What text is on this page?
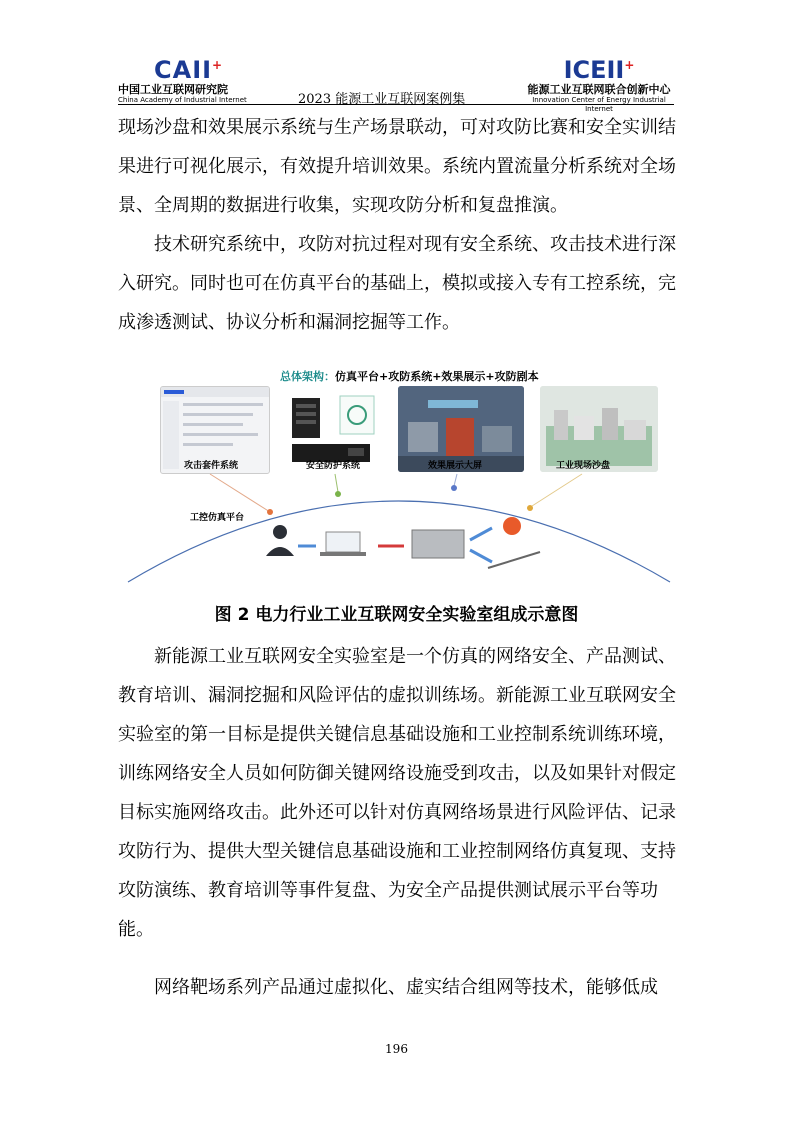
CAII+
中国工业互联网研究院
China Academy of Industrial Internet	2023 能源工业互联网案例集
ICEII+
能源工业互联网联合创新中心
Innovation Center of Energy Industrial Internet

现场沙盘和效果展示系统与生产场景联动，可对攻防比赛和安全实训结果进行可视化展示，有效提升培训效果。系统内置流量分析系统对全场景、全周期的数据进行收集，实现攻防分析和复盘推演。

　　技术研究系统中，攻防对抗过程对现有安全系统、攻击技术进行深入研究。同时也可在仿真平台的基础上，模拟或接入专有工控系统，完成渗透测试、协议分析和漏洞挖掘等工作。

总体架构：仿真平台+攻防系统+效果展示+攻防剧本
攻击套件系统	安全防护系统	效果展示大屏	工业现场沙盘
工控仿真平台
图 2 电力行业工业互联网安全实验室组成示意图

　　新能源工业互联网安全实验室是一个仿真的网络安全、产品测试、教育培训、漏洞挖掘和风险评估的虚拟训练场。新能源工业互联网安全实验室的第一目标是提供关键信息基础设施和工业控制系统训练环境，训练网络安全人员如何防御关键网络设施受到攻击，以及如果针对假定目标实施网络攻击。此外还可以针对仿真网络场景进行风险评估、记录攻防行为、提供大型关键信息基础设施和工业控制网络仿真复现、支持攻防演练、教育培训等事件复盘、为安全产品提供测试展示平台等功能。

　　网络靶场系列产品通过虚拟化、虚实结合组网等技术，能够低成

196
